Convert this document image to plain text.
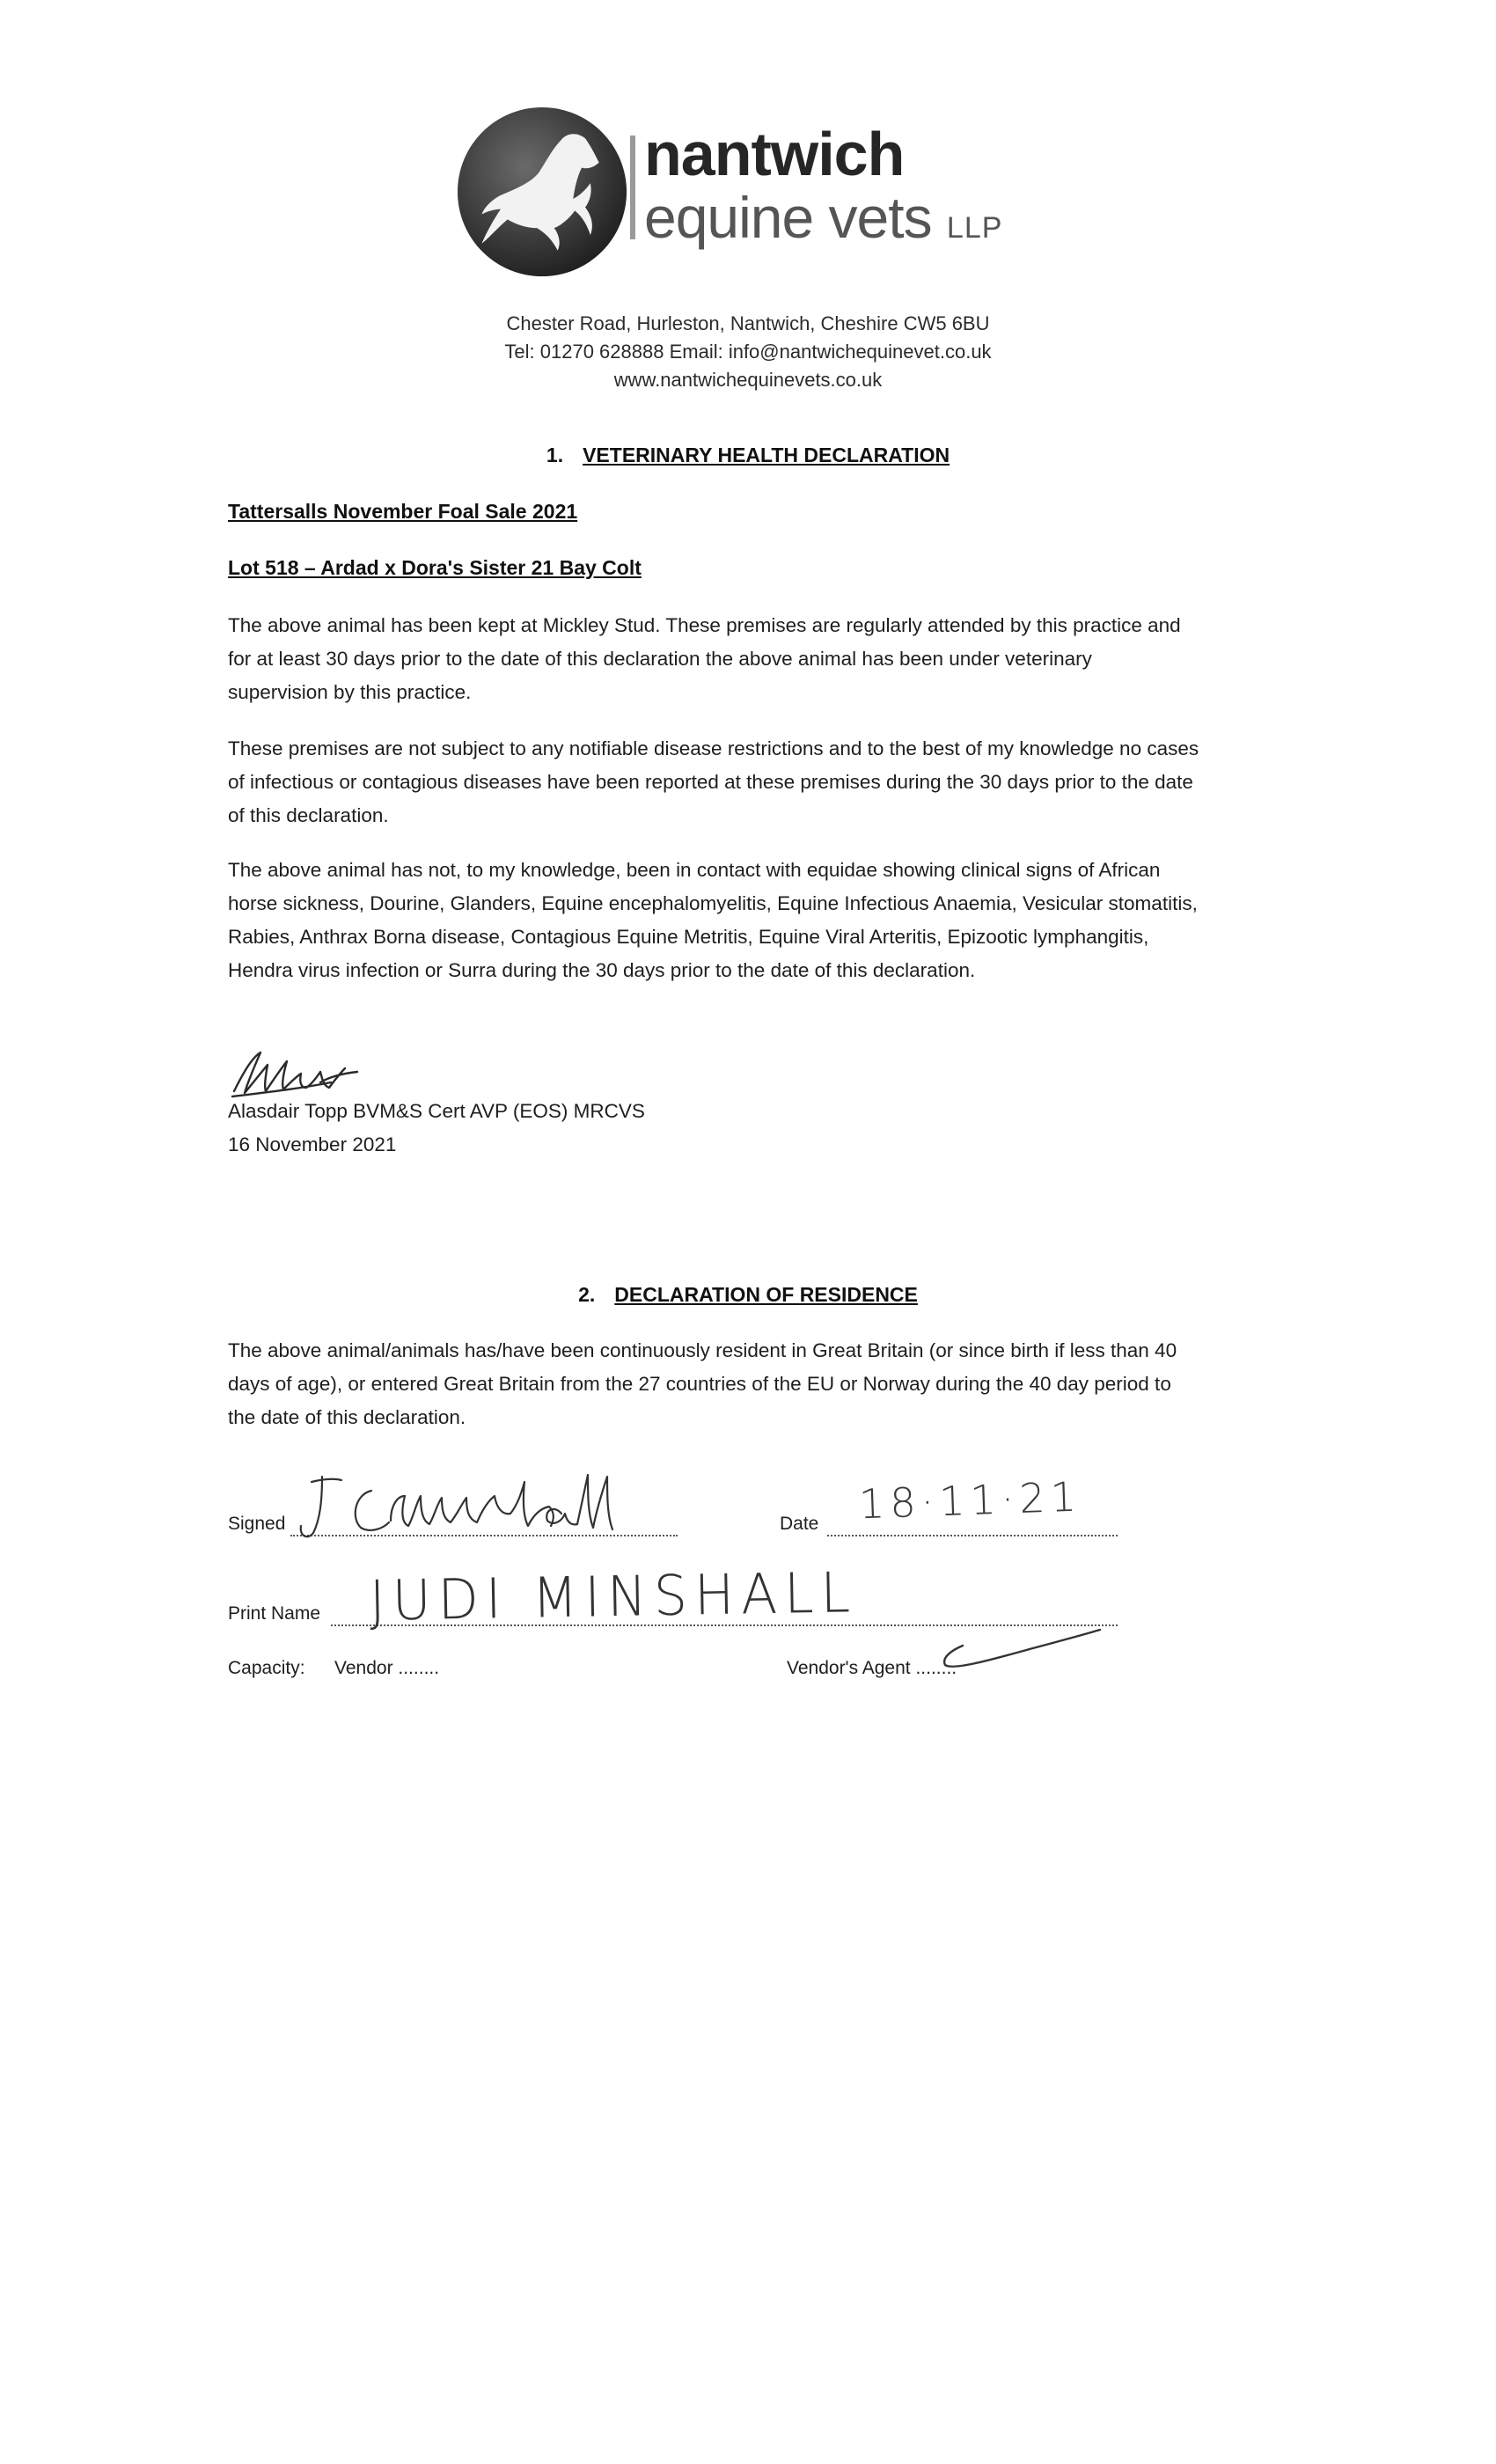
nantwich
equine vets LLP
Chester Road, Hurleston, Nantwich, Cheshire CW5 6BU
Tel: 01270 628888 Email: info@nantwichequinevet.co.uk
www.nantwichequinevets.co.uk
1. VETERINARY HEALTH DECLARATION
Tattersalls November Foal Sale 2021
Lot 518 – Ardad x Dora's Sister 21 Bay Colt
The above animal has been kept at Mickley Stud. These premises are regularly attended by this practice and
for at least 30 days prior to the date of this declaration the above animal has been under veterinary
supervision by this practice.
These premises are not subject to any notifiable disease restrictions and to the best of my knowledge no cases
of infectious or contagious diseases have been reported at these premises during the 30 days prior to the date
of this declaration.
The above animal has not, to my knowledge, been in contact with equidae showing clinical signs of African
horse sickness, Dourine, Glanders, Equine encephalomyelitis, Equine Infectious Anaemia, Vesicular stomatitis,
Rabies, Anthrax Borna disease, Contagious Equine Metritis, Equine Viral Arteritis, Epizootic lymphangitis,
Hendra virus infection or Surra during the 30 days prior to the date of this declaration.
Alasdair Topp BVM&S Cert AVP (EOS) MRCVS
16 November 2021
2. DECLARATION OF RESIDENCE
The above animal/animals has/have been continuously resident in Great Britain (or since birth if less than 40
days of age), or entered Great Britain from the 27 countries of the EU or Norway during the 40 day period to
the date of this declaration.
Signed	Date 18·11·21
Print Name JUDI MINSHALL
Capacity: Vendor ........	Vendor's Agent ........
